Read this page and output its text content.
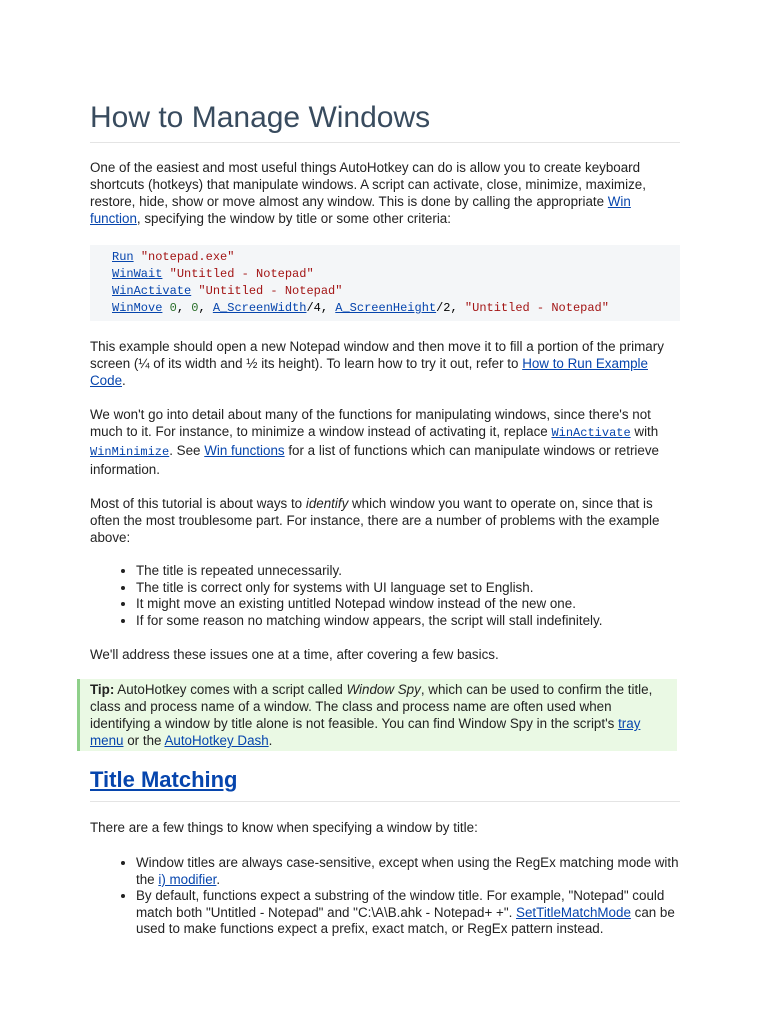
How to Manage Windows

One of the easiest and most useful things AutoHotkey can do is allow you to create keyboard shortcuts (hotkeys) that manipulate windows. A script can activate, close, minimize, maximize, restore, hide, show or move almost any window. This is done by calling the appropriate Win function, specifying the window by title or some other criteria:

Run "notepad.exe"
WinWait "Untitled - Notepad"
WinActivate "Untitled - Notepad"
WinMove 0, 0, A_ScreenWidth/4, A_ScreenHeight/2, "Untitled - Notepad"

This example should open a new Notepad window and then move it to fill a portion of the primary screen (¼ of its width and ½ its height). To learn how to try it out, refer to How to Run Example Code.

We won't go into detail about many of the functions for manipulating windows, since there's not much to it. For instance, to minimize a window instead of activating it, replace WinActivate with WinMinimize. See Win functions for a list of functions which can manipulate windows or retrieve information.

Most of this tutorial is about ways to identify which window you want to operate on, since that is often the most troublesome part. For instance, there are a number of problems with the example above:

• The title is repeated unnecessarily.
• The title is correct only for systems with UI language set to English.
• It might move an existing untitled Notepad window instead of the new one.
• If for some reason no matching window appears, the script will stall indefinitely.

We'll address these issues one at a time, after covering a few basics.

Tip: AutoHotkey comes with a script called Window Spy, which can be used to confirm the title, class and process name of a window. The class and process name are often used when identifying a window by title alone is not feasible. You can find Window Spy in the script's tray menu or the AutoHotkey Dash.
Title Matching

There are a few things to know when specifying a window by title:

• Window titles are always case-sensitive, except when using the RegEx matching mode with the i) modifier.
• By default, functions expect a substring of the window title. For example, "Notepad" could match both "Untitled - Notepad" and "C:\A\B.ahk - Notepad+ +". SetTitleMatchMode can be used to make functions expect a prefix, exact match, or RegEx pattern instead.
